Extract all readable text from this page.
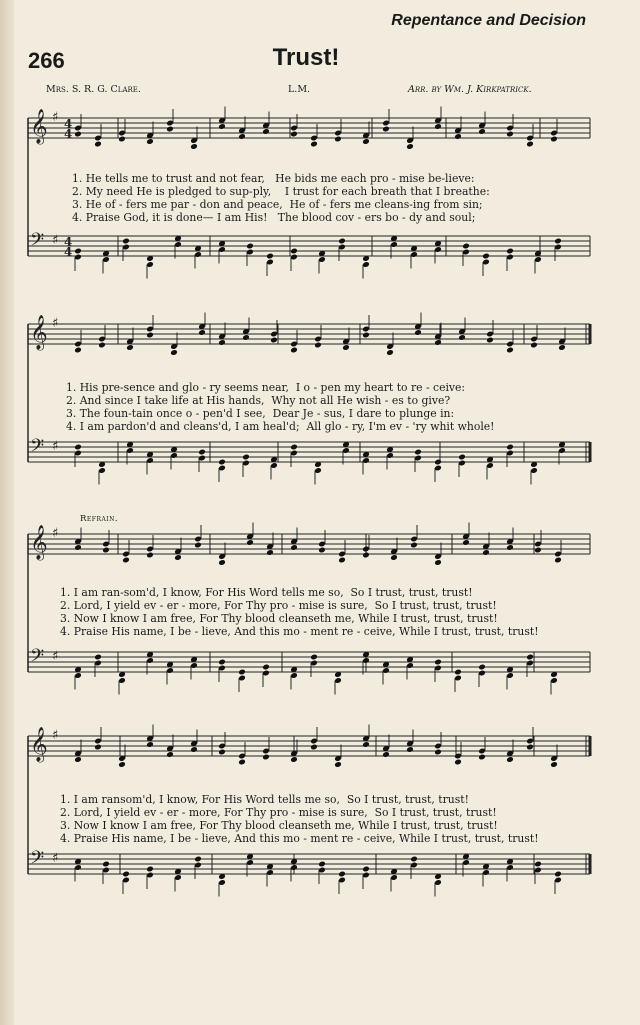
Repentance and Decision
266	Trust!
Mrs. S. R. G. Clare.	L.M.	Arr. by Wm. J. Kirkpatrick.
𝄞 ♯ 4
4
𝄢 ♯ 4
4
1. He tells me to trust and not fear,   He bids me each pro - mise be-lieve:
2. My need He is pledged to sup-ply,    I trust for each breath that I breathe:
3. He of - fers me par - don and peace,  He of - fers me cleans-ing from sin;
4. Praise God, it is done— I am His!   The blood cov - ers bo - dy and soul;
𝄞 ♯
𝄢 ♯
1. His pre-sence and glo - ry seems near,  I o - pen my heart to re - ceive:
2. And since I take life at His hands,  Why not all He wish - es to give?
3. The foun-tain once o - pen'd I see,  Dear Je - sus, I dare to plunge in:
4. I am pardon'd and cleans'd, I am heal'd;  All glo - ry, I'm ev - 'ry whit whole!
Refrain.
𝄞 ♯
𝄢 ♯
1. I am ran-som'd, I know, For His Word tells me so,  So I trust, trust, trust!
2. Lord, I yield ev - er - more, For Thy pro - mise is sure,  So I trust, trust, trust!
3. Now I know I am free, For Thy blood cleanseth me, While I trust, trust, trust!
4. Praise His name, I be - lieve, And this mo - ment re - ceive, While I trust, trust, trust!
𝄞 ♯
𝄢 ♯
1. I am ransom'd, I know, For His Word tells me so,  So I trust, trust, trust!
2. Lord, I yield ev - er - more, For Thy pro - mise is sure,  So I trust, trust, trust!
3. Now I know I am free, For Thy blood cleanseth me, While I trust, trust, trust!
4. Praise His name, I be - lieve, And this mo - ment re - ceive, While I trust, trust, trust!
